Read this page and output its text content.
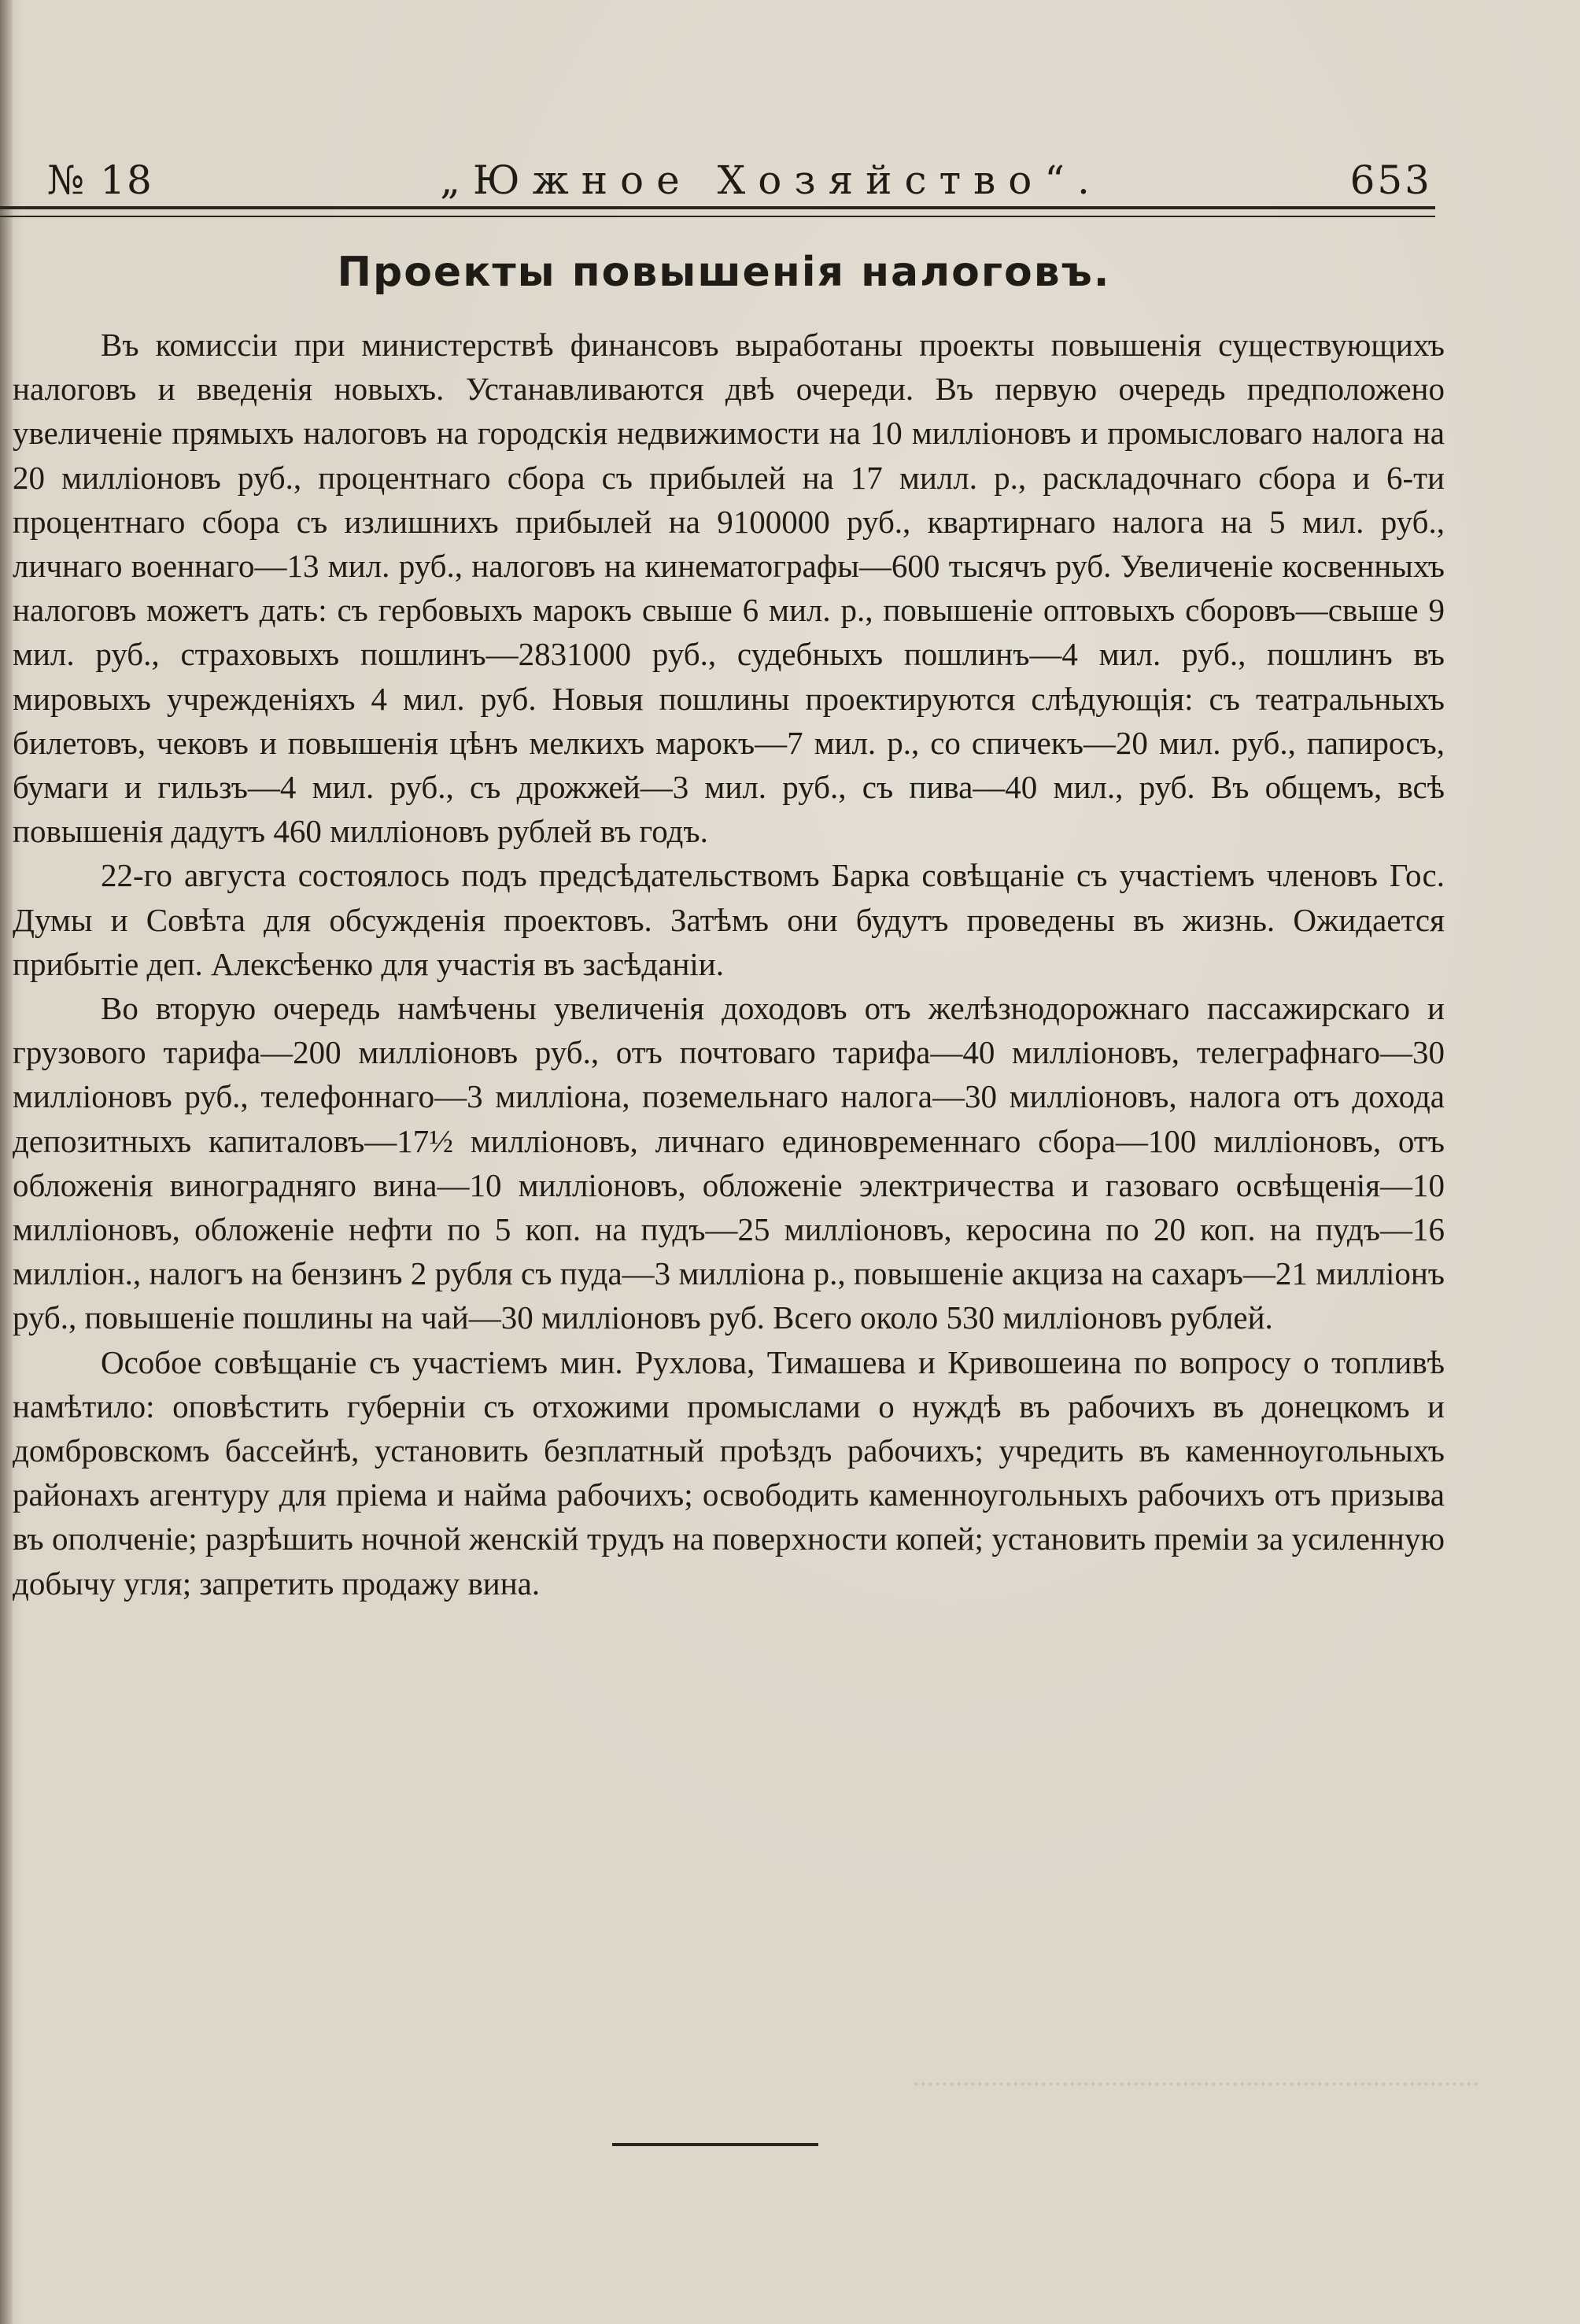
№ 18	„Южное Хозяйство“.	653
Проекты повышенія налоговъ.

Въ комиссіи при министерствѣ финансовъ выработаны проекты повышенія существующихъ налоговъ и введенія новыхъ. Устанавливаются двѣ очереди. Въ первую очередь предположено увеличеніе прямыхъ налоговъ на городскія недвижимости на 10 милліоновъ и промысловаго налога на 20 милліоновъ руб., процентнаго сбора съ прибылей на 17 милл. р., раскладочнаго сбора и 6-ти процентнаго сбора съ излишнихъ прибылей на 9100000 руб., квартирнаго налога на 5 мил. руб., личнаго военнаго—13 мил. руб., налоговъ на кинематографы—600 тысячъ руб. Увеличеніе косвенныхъ налоговъ можетъ дать: съ гербовыхъ марокъ свыше 6 мил. р., повышеніе оптовыхъ сборовъ—свыше 9 мил. руб., страховыхъ пошлинъ—2831000 руб., судебныхъ пошлинъ—4 мил. руб., пошлинъ въ мировыхъ учрежденіяхъ 4 мил. руб. Новыя пошлины проектируются слѣдующія: съ театральныхъ билетовъ, чековъ и повышенія цѣнъ мелкихъ марокъ—7 мил. р., со спичекъ—20 мил. руб., папиросъ, бумаги и гильзъ—4 мил. руб., съ дрожжей—3 мил. руб., съ пива—40 мил., руб. Въ общемъ, всѣ повышенія дадутъ 460 милліоновъ рублей въ годъ.

22-го августа состоялось подъ предсѣдательствомъ Барка совѣщаніе съ участіемъ членовъ Гос. Думы и Совѣта для обсужденія проектовъ. Затѣмъ они будутъ проведены въ жизнь. Ожидается прибытіе деп. Алексѣенко для участія въ засѣданіи.

Во вторую очередь намѣчены увеличенія доходовъ отъ желѣзнодорожнаго пассажирскаго и грузового тарифа—200 милліоновъ руб., отъ почтоваго тарифа—40 милліоновъ, телеграфнаго—30 милліоновъ руб., телефоннаго—3 милліона, поземельнаго налога—30 милліоновъ, налога отъ дохода депозитныхъ капиталовъ—17½ милліоновъ, личнаго единовременнаго сбора—100 милліоновъ, отъ обложенія виноградняго вина—10 милліоновъ, обложеніе электричества и газоваго освѣщенія—10 милліоновъ, обложеніе нефти по 5 коп. на пудъ—25 милліоновъ, керосина по 20 коп. на пудъ—16 милліон., налогъ на бензинъ 2 рубля съ пуда—3 милліона р., повышеніе акциза на сахаръ—21 милліонъ руб., повышеніе пошлины на чай—30 милліоновъ руб. Всего около 530 милліоновъ рублей.

Особое совѣщаніе съ участіемъ мин. Рухлова, Тимашева и Кривошеина по вопросу о топливѣ намѣтило: оповѣстить губерніи съ отхожими промыслами о нуждѣ въ рабочихъ въ донецкомъ и домбровскомъ бассейнѣ, установить безплатный проѣздъ рабочихъ; учредить въ каменноугольныхъ районахъ агентуру для пріема и найма рабочихъ; освободить каменноугольныхъ рабочихъ отъ призыва въ ополченіе; разрѣшить ночной женскій трудъ на поверхности копей; установить преміи за усиленную добычу угля; запретить продажу вина.

................................................................................
